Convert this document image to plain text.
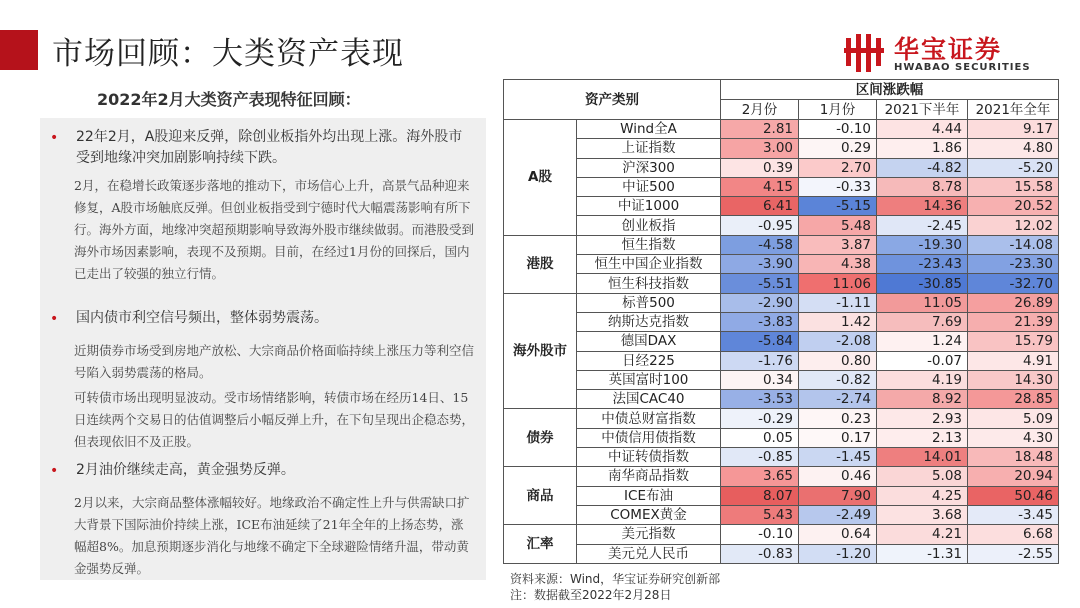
市场回顾：大类资产表现	华宝证券
HWABAO SECURITIES
2022年2月大类资产表现特征回顾：
• 22年2月，A股迎来反弹，除创业板指外均出现上涨。海外股市受到地缘冲突加剧影响持续下跌。
2月，在稳增长政策逐步落地的推动下，市场信心上升，高景气品种迎来修复，A股市场触底反弹。但创业板指受到宁德时代大幅震荡影响有所下行。海外方面，地缘冲突超预期影响导致海外股市继续做弱。而港股受到海外市场因素影响，表现不及预期。目前，在经过1月份的回探后，国内已走出了较强的独立行情。
• 国内债市利空信号频出，整体弱势震荡。
近期债券市场受到房地产放松、大宗商品价格面临持续上涨压力等利空信号陷入弱势震荡的格局。
可转债市场出现明显波动。受市场情绪影响，转债市场在经历14日、15日连续两个交易日的估值调整后小幅反弹上升，在下旬呈现出企稳态势，但表现依旧不及正股。
• 2月油价继续走高，黄金强势反弹。
2月以来，大宗商品整体涨幅较好。地缘政治不确定性上升与供需缺口扩大背景下国际油价持续上涨，ICE布油延续了21年全年的上扬态势，涨幅超8%。加息预期逐步消化与地缘不确定下全球避险情绪升温，带动黄金强势反弹。
资产类别		区间涨跌幅			
		2月份	1月份	2021下半年	2021年全年
A股	Wind全A	2.81	-0.10	4.44	9.17
	上证指数	3.00	0.29	1.86	4.80
	沪深300	0.39	2.70	-4.82	-5.20
	中证500	4.15	-0.33	8.78	15.58
	中证1000	6.41	-5.15	14.36	20.52
	创业板指	-0.95	5.48	-2.45	12.02
港股	恒生指数	-4.58	3.87	-19.30	-14.08
	恒生中国企业指数	-3.90	4.38	-23.43	-23.30
	恒生科技指数	-5.51	11.06	-30.85	-32.70
海外股市	标普500	-2.90	-1.11	11.05	26.89
	纳斯达克指数	-3.83	1.42	7.69	21.39
	德国DAX	-5.84	-2.08	1.24	15.79
	日经225	-1.76	0.80	-0.07	4.91
	英国富时100	0.34	-0.82	4.19	14.30
	法国CAC40	-3.53	-2.74	8.92	28.85
债券	中债总财富指数	-0.29	0.23	2.93	5.09
	中债信用债指数	0.05	0.17	2.13	4.30
	中证转债指数	-0.85	-1.45	14.01	18.48
商品	南华商品指数	3.65	0.46	5.08	20.94
	ICE布油	8.07	7.90	4.25	50.46
	COMEX黄金	5.43	-2.49	3.68	-3.45
汇率	美元指数	-0.10	0.64	4.21	6.68
	美元兑人民币	-0.83	-1.20	-1.31	-2.55
资料来源：Wind，华宝证券研究创新部
注：数据截至2022年2月28日
